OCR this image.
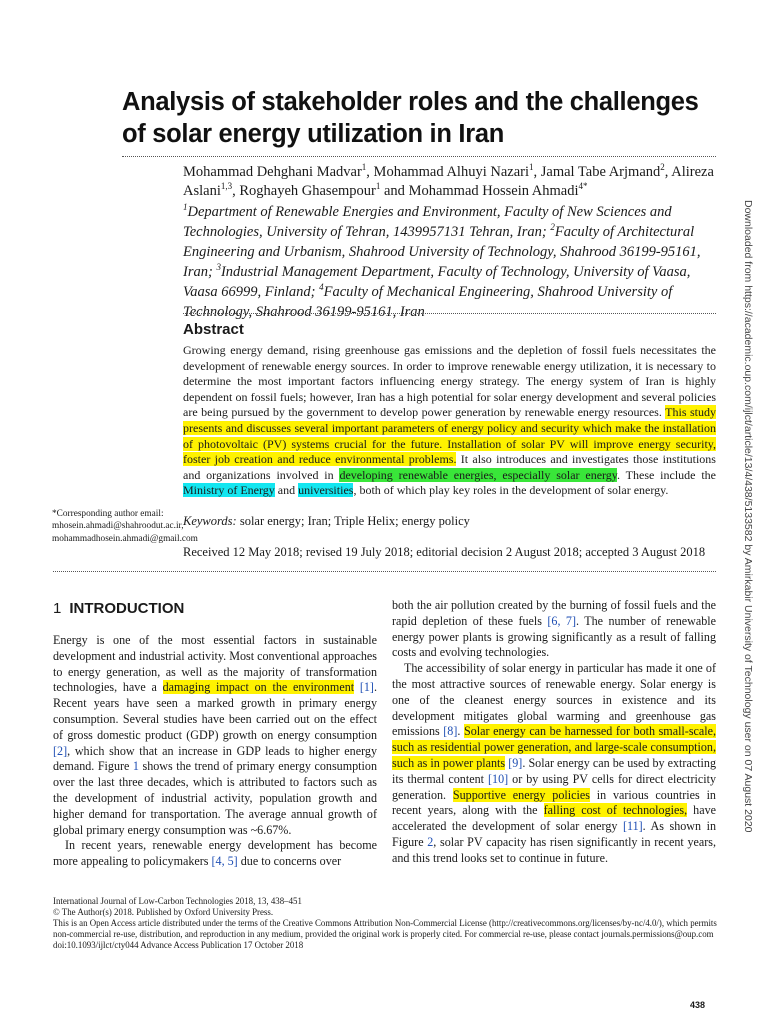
Analysis of stakeholder roles and the challenges of solar energy utilization in Iran
Mohammad Dehghani Madvar$^1$, Mohammad Alhuyi Nazari$^1$, Jamal Tabe Arjmand$^2$, Alireza Aslani$^{1,3}$, Roghayeh Ghasempour$^1$ and Mohammad Hossein Ahmadi$^{4*}$
$^1$Department of Renewable Energies and Environment, Faculty of New Sciences and Technologies, University of Tehran, 1439957131 Tehran, Iran; $^2$Faculty of Architectural Engineering and Urbanism, Shahrood University of Technology, Shahrood 36199-95161, Iran; $^3$Industrial Management Department, Faculty of Technology, University of Vaasa, Vaasa 66999, Finland; $^4$Faculty of Mechanical Engineering, Shahrood University of Technology, Shahrood 36199-95161, Iran
Abstract
Growing energy demand, rising greenhouse gas emissions and the depletion of fossil fuels necessitates the development of renewable energy sources. In order to improve renewable energy utilization, it is necessary to determine the most important factors influencing energy strategy. The energy system of Iran is highly dependent on fossil fuels; however, Iran has a high potential for solar energy development and several policies are being pursued by the government to develop power generation by renewable energy resources. This study presents and discusses several important parameters of energy policy and security which make the installation of photovoltaic (PV) systems crucial for the future. Installation of solar PV will improve energy security, foster job creation and reduce environmental problems. It also introduces and investigates those institutions and organizations involved in developing renewable energies, especially solar energy. These include the Ministry of Energy and universities, both of which play key roles in the development of solar energy.
*Corresponding author email: mhosein.ahmadi@shahroodut.ac.ir, mohammadhosein.ahmadi@gmail.com
Keywords: solar energy; Iran; Triple Helix; energy policy
Received 12 May 2018; revised 19 July 2018; editorial decision 2 August 2018; accepted 3 August 2018
1 INTRODUCTION

Energy is one of the most essential factors in sustainable development and industrial activity. Most conventional approaches to energy generation, as well as the majority of transformation technologies, have a damaging impact on the environment [1]. Recent years have seen a marked growth in primary energy consumption. Several studies have been carried out on the effect of gross domestic product (GDP) growth on energy consumption [2], which show that an increase in GDP leads to higher energy demand. Figure 1 shows the trend of primary energy consumption over the last three decades, which is attributed to factors such as the development of industrial activity, population growth and higher demand for transportation. The average annual growth of global primary energy consumption was ~6.67%.

In recent years, renewable energy development has become more appealing to policymakers [4, 5] due to concerns over

both the air pollution created by the burning of fossil fuels and the rapid depletion of these fuels [6, 7]. The number of renewable energy power plants is growing significantly as a result of falling costs and evolving technologies.

The accessibility of solar energy in particular has made it one of the most attractive sources of renewable energy. Solar energy is one of the cleanest energy sources in existence and its development mitigates global warming and greenhouse gas emissions [8]. Solar energy can be harnessed for both small-scale, such as residential power generation, and large-scale consumption, such as in power plants [9]. Solar energy can be used by extracting its thermal content [10] or by using PV cells for direct electricity generation. Supportive energy policies in various countries in recent years, along with the falling cost of technologies, have accelerated the development of solar energy [11]. As shown in Figure 2, solar PV capacity has risen significantly in recent years, and this trend looks set to continue in future.

International Journal of Low-Carbon Technologies 2018, 13, 438–451
© The Author(s) 2018. Published by Oxford University Press.
This is an Open Access article distributed under the terms of the Creative Commons Attribution Non-Commercial License (http://creativecommons.org/licenses/by-nc/4.0/), which permits non-commercial re-use, distribution, and reproduction in any medium, provided the original work is properly cited. For commercial re-use, please contact journals.permissions@oup.com
doi:10.1093/ijlct/cty044 Advance Access Publication 17 October 2018
438
Downloaded from https://academic.oup.com/ijlct/article/13/4/438/5133582 by Amirkabir University of Technology user on 07 August 2020
